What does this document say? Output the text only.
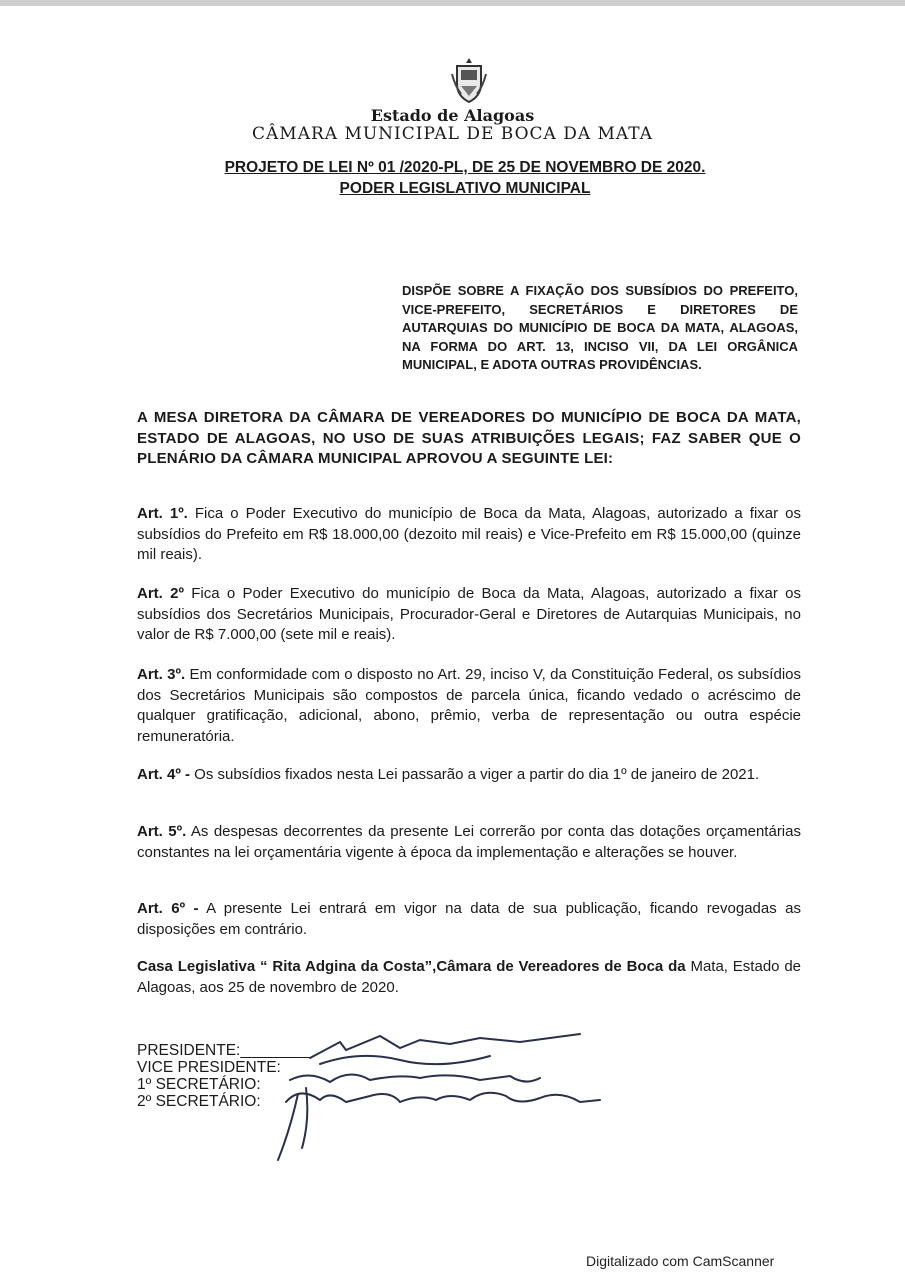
Estado de Alagoas
CÂMARA MUNICIPAL DE BOCA DA MATA
PROJETO DE LEI Nº 01 /2020-PL, DE 25 DE NOVEMBRO DE 2020.
PODER LEGISLATIVO MUNICIPAL
DISPÕE SOBRE A FIXAÇÃO DOS SUBSÍDIOS DO PREFEITO, VICE-PREFEITO, SECRETÁRIOS E DIRETORES DE AUTARQUIAS DO MUNICÍPIO DE BOCA DA MATA, ALAGOAS, NA FORMA DO ART. 13, INCISO VII, DA LEI ORGÂNICA MUNICIPAL, E ADOTA OUTRAS PROVIDÊNCIAS.
A MESA DIRETORA DA CÂMARA DE VEREADORES DO MUNICÍPIO DE BOCA DA MATA, ESTADO DE ALAGOAS, NO USO DE SUAS ATRIBUIÇÕES LEGAIS; FAZ SABER QUE O PLENÁRIO DA CÂMARA MUNICIPAL APROVOU A SEGUINTE LEI:
Art. 1º. Fica o Poder Executivo do município de Boca da Mata, Alagoas, autorizado a fixar os subsídios do Prefeito em R$ 18.000,00 (dezoito mil reais) e Vice-Prefeito em R$ 15.000,00 (quinze mil reais).
Art. 2º Fica o Poder Executivo do município de Boca da Mata, Alagoas, autorizado a fixar os subsídios dos Secretários Municipais, Procurador-Geral e Diretores de Autarquias Municipais, no valor de R$ 7.000,00 (sete mil e reais).
Art. 3º. Em conformidade com o disposto no Art. 29, inciso V, da Constituição Federal, os subsídios dos Secretários Municipais são compostos de parcela única, ficando vedado o acréscimo de qualquer gratificação, adicional, abono, prêmio, verba de representação ou outra espécie remuneratória.
Art. 4º - Os subsídios fixados nesta Lei passarão a viger a partir do dia 1º de janeiro de 2021.
Art. 5º. As despesas decorrentes da presente Lei correrão por conta das dotações orçamentárias constantes na lei orçamentária vigente à época da implementação e alterações se houver.
Art. 6º - A presente Lei entrará em vigor na data de sua publicação, ficando revogadas as disposições em contrário.
Casa Legislativa “ Rita Adgina da Costa”,Câmara de Vereadores de Boca da Mata, Estado de Alagoas, aos 25 de novembro de 2020.
PRESIDENTE:________
VICE PRESIDENTE:
1º SECRETÁRIO:
2º SECRETÁRIO:
Digitalizado com CamScanner
